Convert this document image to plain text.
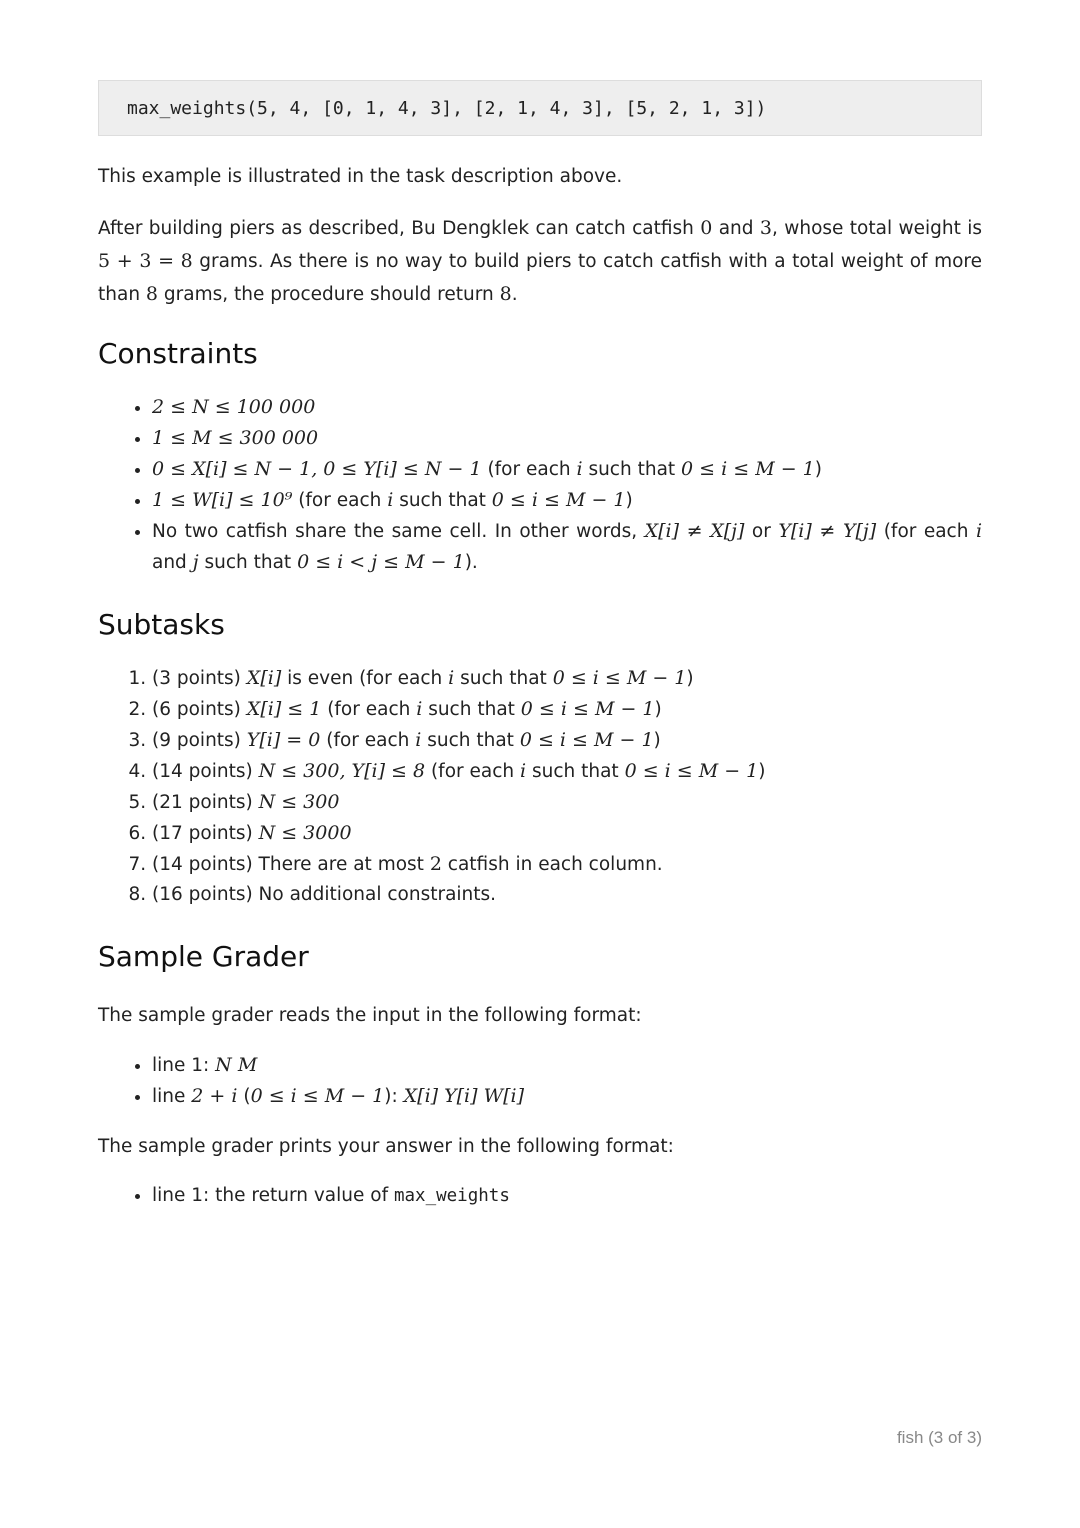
max_weights(5, 4, [0, 1, 4, 3], [2, 1, 4, 3], [5, 2, 1, 3])

This example is illustrated in the task description above.

After building piers as described, Bu Dengklek can catch catfish 0 and 3, whose total weight is 5 + 3 = 8 grams. As there is no way to build piers to catch catfish with a total weight of more than 8 grams, the procedure should return 8.

Constraints
• 2 ≤ N ≤ 100 000
• 1 ≤ M ≤ 300 000
• 0 ≤ X[i] ≤ N − 1, 0 ≤ Y[i] ≤ N − 1 (for each i such that 0 ≤ i ≤ M − 1)
• 1 ≤ W[i] ≤ 10⁹ (for each i such that 0 ≤ i ≤ M − 1)
• No two catfish share the same cell. In other words, X[i] ≠ X[j] or Y[i] ≠ Y[j] (for each i and j such that 0 ≤ i < j ≤ M − 1).
Subtasks
1. (3 points) X[i] is even (for each i such that 0 ≤ i ≤ M − 1)
2. (6 points) X[i] ≤ 1 (for each i such that 0 ≤ i ≤ M − 1)
3. (9 points) Y[i] = 0 (for each i such that 0 ≤ i ≤ M − 1)
4. (14 points) N ≤ 300, Y[i] ≤ 8 (for each i such that 0 ≤ i ≤ M − 1)
5. (21 points) N ≤ 300
6. (17 points) N ≤ 3000
7. (14 points) There are at most 2 catfish in each column.
8. (16 points) No additional constraints.
Sample Grader

The sample grader reads the input in the following format:

• line 1: N M
• line 2 + i (0 ≤ i ≤ M − 1): X[i] Y[i] W[i]

The sample grader prints your answer in the following format:

• line 1: the return value of max_weights
fish (3 of 3)
